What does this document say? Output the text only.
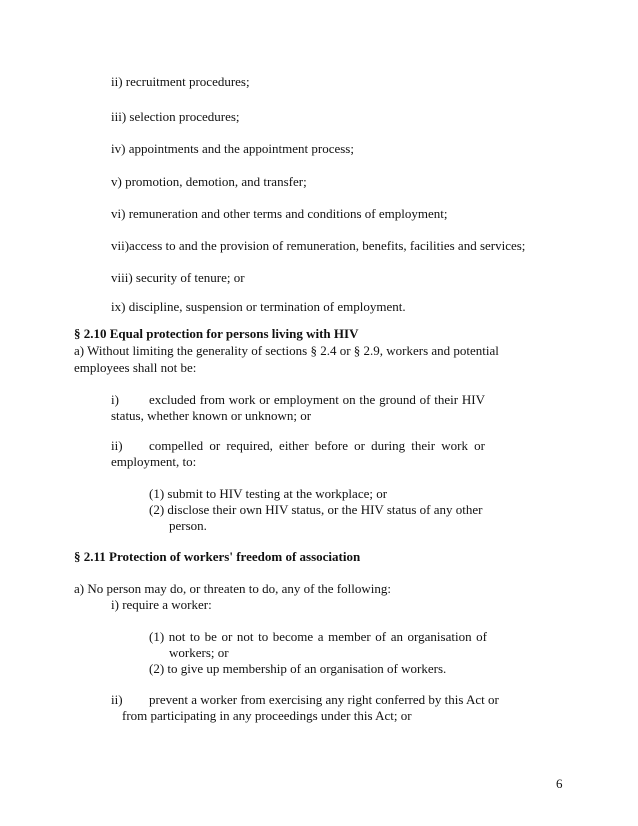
ii) recruitment procedures;
iii) selection procedures;
iv) appointments and the appointment process;
v) promotion, demotion, and transfer;
vi) remuneration and other terms and conditions of employment;
vii)access to and the provision of remuneration, benefits, facilities and services;
viii) security of tenure; or
ix) discipline, suspension or termination of employment.
§ 2.10 Equal protection for persons living with HIV
a) Without limiting the generality of sections § 2.4 or § 2.9, workers and potential
employees shall not be:
i) excluded from work or employment on the ground of their HIV
status, whether known or unknown; or
ii) compelled or required, either before or during their work or
employment, to:
(1) submit to HIV testing at the workplace; or
(2) disclose their own HIV status, or the HIV status of any other
person.
§ 2.11 Protection of workers' freedom of association
a) No person may do, or threaten to do, any of the following:
i) require a worker:
(1) not to be or not to become a member of an organisation of
workers; or
(2) to give up membership of an organisation of workers.
ii) prevent a worker from exercising any right conferred by this Act or
from participating in any proceedings under this Act; or
6
